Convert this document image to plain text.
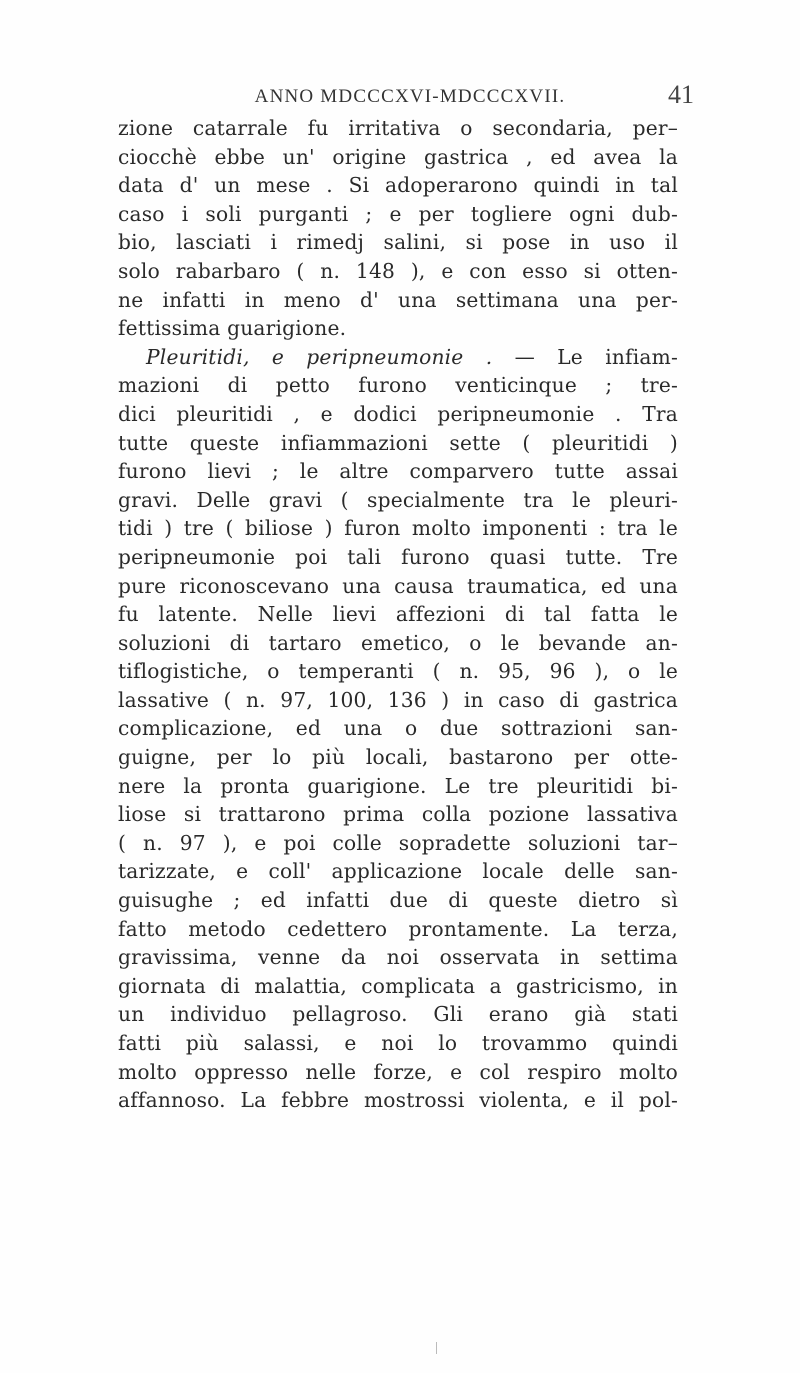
ANNO MDCCCXVI-MDCCCXVII.	41
zione catarrale fu irritativa o secondaria, per–
ciocchè ebbe un' origine gastrica , ed avea la
data d' un mese . Si adoperarono quindi in tal
caso i soli purganti ; e per togliere ogni dub-
bio, lasciati i rimedj salini, si pose in uso il
solo rabarbaro ( n. 148 ), e con esso si otten-
ne infatti in meno d' una settimana una per-
fettissima guarigione.
Pleuritidi, e peripneumonie . — Le infiam-
mazioni di petto furono venticinque ; tre-
dici pleuritidi , e dodici peripneumonie . Tra
tutte queste infiammazioni sette ( pleuritidi )
furono lievi ; le altre comparvero tutte assai
gravi. Delle gravi ( specialmente tra le pleuri-
tidi ) tre ( biliose ) furon molto imponenti : tra le
peripneumonie poi tali furono quasi tutte. Tre
pure riconoscevano una causa traumatica, ed una
fu latente. Nelle lievi affezioni di tal fatta le
soluzioni di tartaro emetico, o le bevande an-
tiflogistiche, o temperanti ( n. 95, 96 ), o le
lassative ( n. 97, 100, 136 ) in caso di gastrica
complicazione, ed una o due sottrazioni san-
guigne, per lo più locali, bastarono per otte-
nere la pronta guarigione. Le tre pleuritidi bi-
liose si trattarono prima colla pozione lassativa
( n. 97 ), e poi colle sopradette soluzioni tar–
tarizzate, e coll' applicazione locale delle san-
guisughe ; ed infatti due di queste dietro sì
fatto metodo cedettero prontamente. La terza,
gravissima, venne da noi osservata in settima
giornata di malattia, complicata a gastricismo, in
un individuo pellagroso. Gli erano già stati
fatti più salassi, e noi lo trovammo quindi
molto oppresso nelle forze, e col respiro molto
affannoso. La febbre mostrossi violenta, e il pol-
